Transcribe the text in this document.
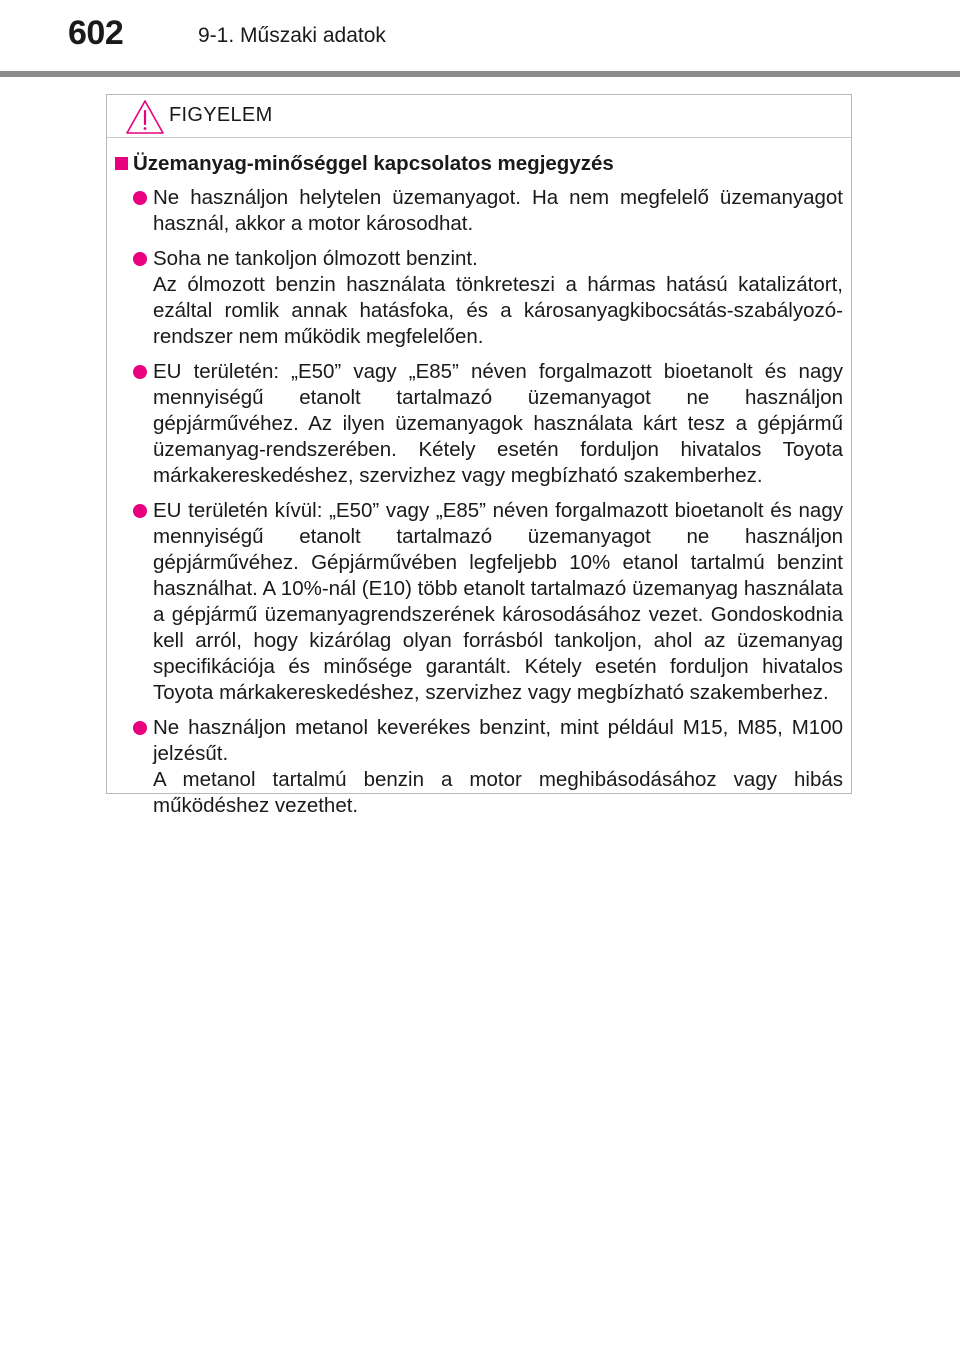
602	9-1. Műszaki adatok
FIGYELEM
Üzemanyag-minőséggel kapcsolatos megjegyzés

Ne használjon helytelen üzemanyagot. Ha nem megfelelő üzemanyagot használ, akkor a motor károsodhat.

Soha ne tankoljon ólmozott benzint.

Az ólmozott benzin használata tönkreteszi a hármas hatású katalizátort, ezáltal romlik annak hatásfoka, és a károsanyagkibocsátás-szabályozó-rendszer nem működik megfelelően.

EU területén: „E50” vagy „E85” néven forgalmazott bioetanolt és nagy mennyiségű etanolt tartalmazó üzemanyagot ne használjon gépjárművéhez. Az ilyen üzemanyagok használata kárt tesz a gépjármű üzemanyag-rendszerében. Kétely esetén forduljon hivatalos Toyota márkakereskedéshez, szervizhez vagy megbízható szakemberhez.

EU területén kívül: „E50” vagy „E85” néven forgalmazott bioetanolt és nagy mennyiségű etanolt tartalmazó üzemanyagot ne használjon gépjárművéhez. Gépjárművében legfeljebb 10% etanol tartalmú benzint használhat. A 10%-nál (E10) több etanolt tartalmazó üzemanyag használata a gépjármű üzemanyagrendszerének károsodásához vezet. Gondoskodnia kell arról, hogy kizárólag olyan forrásból tankoljon, ahol az üzemanyag specifikációja és minősége garantált. Kétely esetén forduljon hivatalos Toyota márkakereskedéshez, szervizhez vagy megbízható szakemberhez.

Ne használjon metanol keverékes benzint, mint például M15, M85, M100 jelzésűt.

A metanol tartalmú benzin a motor meghibásodásához vagy hibás működéshez vezethet.
